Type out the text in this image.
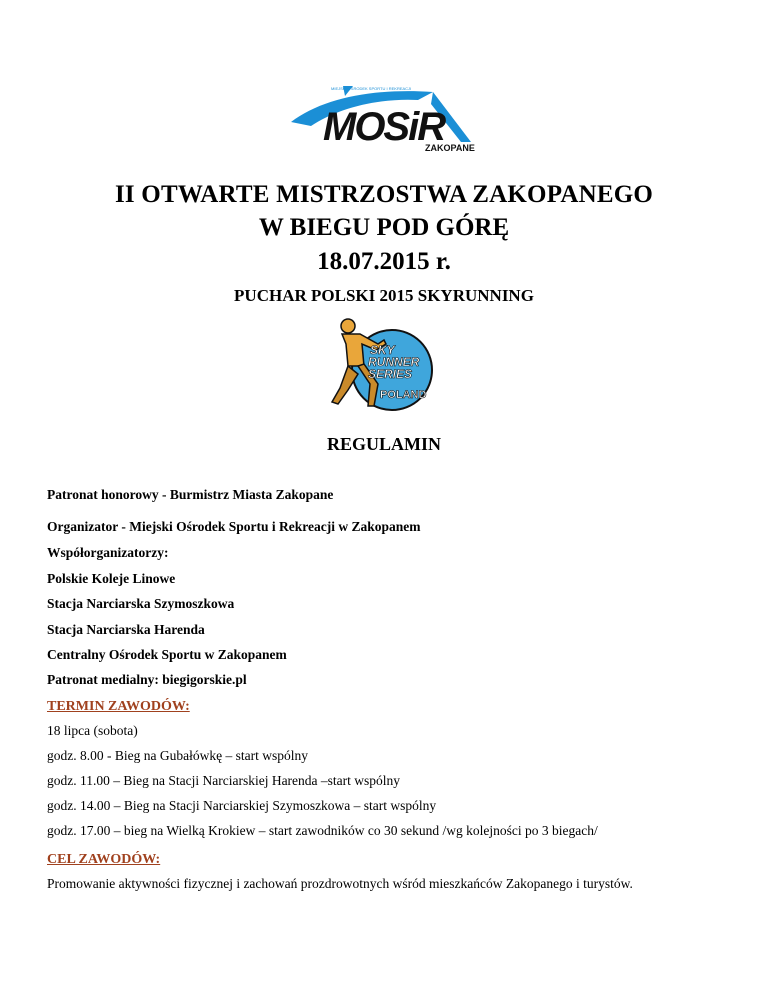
MIEJSKI OŚRODEK SPORTU I REKREACJI
MOSiR
ZAKOPANE
II OTWARTE MISTRZOSTWA ZAKOPANEGO
W BIEGU POD GÓRĘ
18.07.2015 r.
PUCHAR POLSKI 2015 SKYRUNNING
SKY
RUNNER
SERIES
POLAND
REGULAMIN
Patronat honorowy - Burmistrz Miasta Zakopane
Organizator - Miejski Ośrodek Sportu i Rekreacji w Zakopanem
Współorganizatorzy:
Polskie Koleje Linowe
Stacja Narciarska Szymoszkowa
Stacja Narciarska Harenda
Centralny Ośrodek Sportu w Zakopanem
Patronat medialny: biegigorskie.pl
TERMIN ZAWODÓW:
18 lipca (sobota)
godz. 8.00 - Bieg na Gubałówkę – start wspólny
godz. 11.00 – Bieg na Stacji Narciarskiej Harenda –start wspólny
godz. 14.00 – Bieg na Stacji Narciarskiej Szymoszkowa – start wspólny
godz. 17.00 – bieg na Wielką Krokiew – start zawodników co 30 sekund /wg kolejności po 3 biegach/
CEL ZAWODÓW:
Promowanie aktywności fizycznej i zachowań prozdrowotnych wśród mieszkańców Zakopanego i turystów.
